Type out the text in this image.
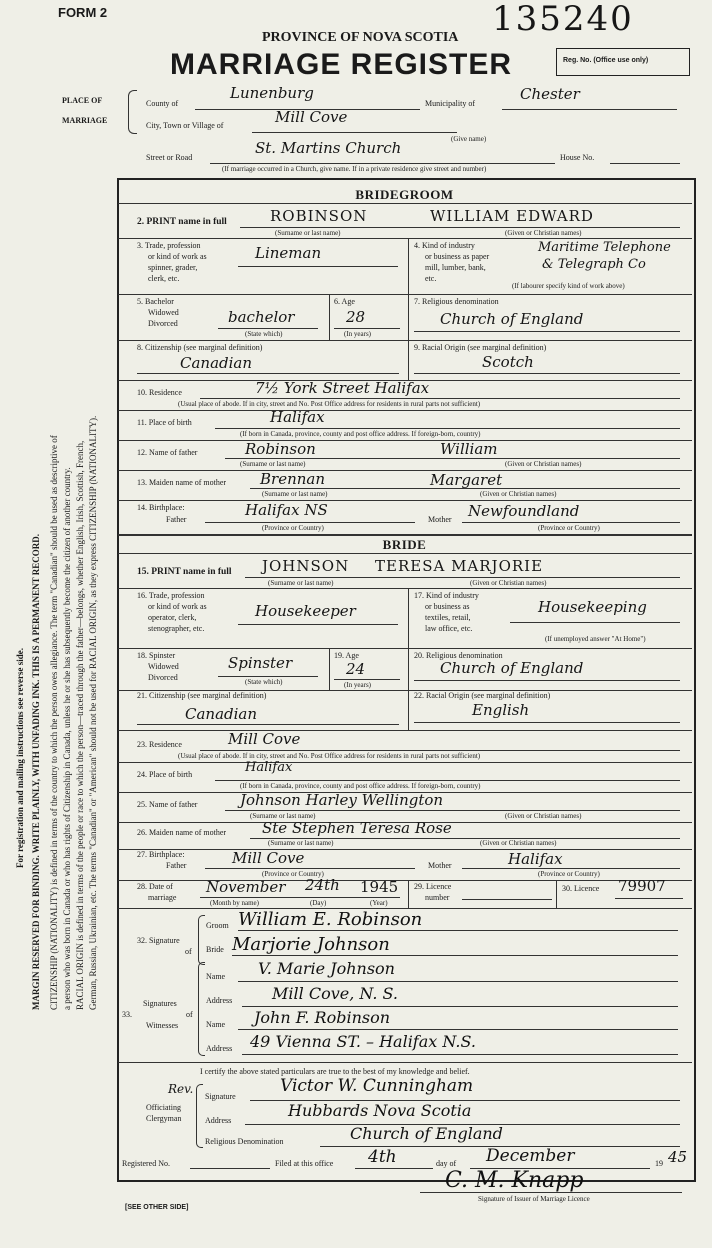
FORM 2	135240
PROVINCE OF NOVA SCOTIA
MARRIAGE REGISTER	Reg. No. (Office use only)
PLACE OF
MARRIAGE
County of
Lunenburg
Municipality of
Chester
City, Town or Village of	Mill Cove
(Give name)
Street or Road
St. Martins Church
House No.
(If marriage occurred in a Church, give name. If in a private residence give street and number)
For registration and mailing instructions see reverse side. MARGIN RESERVED FOR BINDING. WRITE PLAINLY, WITH UNFADING INK. THIS IS A PERMANENT RECORD. CITIZENSHIP (NATIONALITY) is defined in terms of the country to which the person owes allegiance. The term "Canadian" should be used as descriptive of a person who was born in Canada or who has rights of Citizenship in Canada, unless he or she has subsequently become the citizen of another country. RACIAL ORIGIN is defined in terms of the people or race to which the person—traced through the father—belongs, whether English, Irish, Scottish, French, German, Russian, Ukrainian, etc. The terms "Canadian" or "American" should not be used for RACIAL ORIGIN, as they express CITIZENSHIP (NATIONALITY).
BRIDEGROOM
2. PRINT name in full	ROBINSON	WILLIAM EDWARD
(Surname or last name)	(Given or Christian names)
3. Trade, profession
or kind of work as
spinner, grader,
clerk, etc.
Lineman	4. Kind of industry
or business as paper
mill, lumber, bank,
etc.
Maritime Telephone
& Telegraph Co
(If labourer specify kind of work above)
5. Bachelor
Widowed
Divorced	bachelor
(State which)
6. Age
28
(In years)
7. Religious denomination
Church of England
8. Citizenship (see marginal definition)
Canadian
9. Racial Origin (see marginal definition)
Scotch
10. Residence	7½ York Street Halifax
(Usual place of abode. If in city, street and No. Post Office address for residents in rural parts not sufficient)
11. Place of birth	Halifax
(If born in Canada, province, county and post office address. If foreign-born, country)
12. Name of father	Robinson	William
(Surname or last name)	(Given or Christian names)
13. Maiden name of mother Brennan	Margaret
(Surname or last name)	(Given or Christian names)
14. Birthplace:
Father
Halifax NS
Mother Newfoundland
(Province or Country)	(Province or Country)
BRIDE
15. PRINT name in full JOHNSON TERESA MARJORIE
(Surname or last name)	(Given or Christian names)
16. Trade, profession
or kind of work as
operator, clerk,
stenographer, etc.
Housekeeper
17. Kind of industry
or business as
textiles, retail,
law office, etc.
Housekeeping
(If unemployed answer "At Home")
18. Spinster
Widowed
Divorced
Spinster
(State which)
19. Age
24
(In years)
20. Religious denomination
Church of England
21. Citizenship (see marginal definition)
Canadian
22. Racial Origin (see marginal definition)
English
23. Residence	Mill Cove
(Usual place of abode. If in city, street and No. Post Office address for residents in rural parts not sufficient)
24. Place of birth	Halifax
(If born in Canada, province, county and post office address. If foreign-born, country)
25. Name of father	Johnson Harley Wellington
(Surname or last name)	(Given or Christian names)
26. Maiden name of mother Ste Stephen Teresa Rose
(Surname or last name)	(Given or Christian names)
27. Birthplace:
Father	Mill Cove	Mother	Halifax
(Province or Country)	(Province or Country)
28. Date of
marriage
November 24th 1945
(Month by name)	(Day)	(Year)
29. Licence
number
30. Licence 79907
32. Signature
of
Groom William E. Robinson
Bride Marjorie Johnson
Signatures
of
Witnesses
33.
Name V. Marie Johnson
Address Mill Cove, N. S.
Name John F. Robinson
Address 49 Vienna ST. – Halifax N.S.
I certify the above stated particulars are true to the best of my knowledge and belief.
Rev.
Officiating
Clergyman
Signature
Victor W. Cunningham
Address
Hubbards Nova Scotia
Religious Denomination	Church of England
Registered No.	Filed at this office 4th	day of December	19 45
C. M. Knapp
Signature of Issuer of Marriage Licence
[SEE OTHER SIDE]
